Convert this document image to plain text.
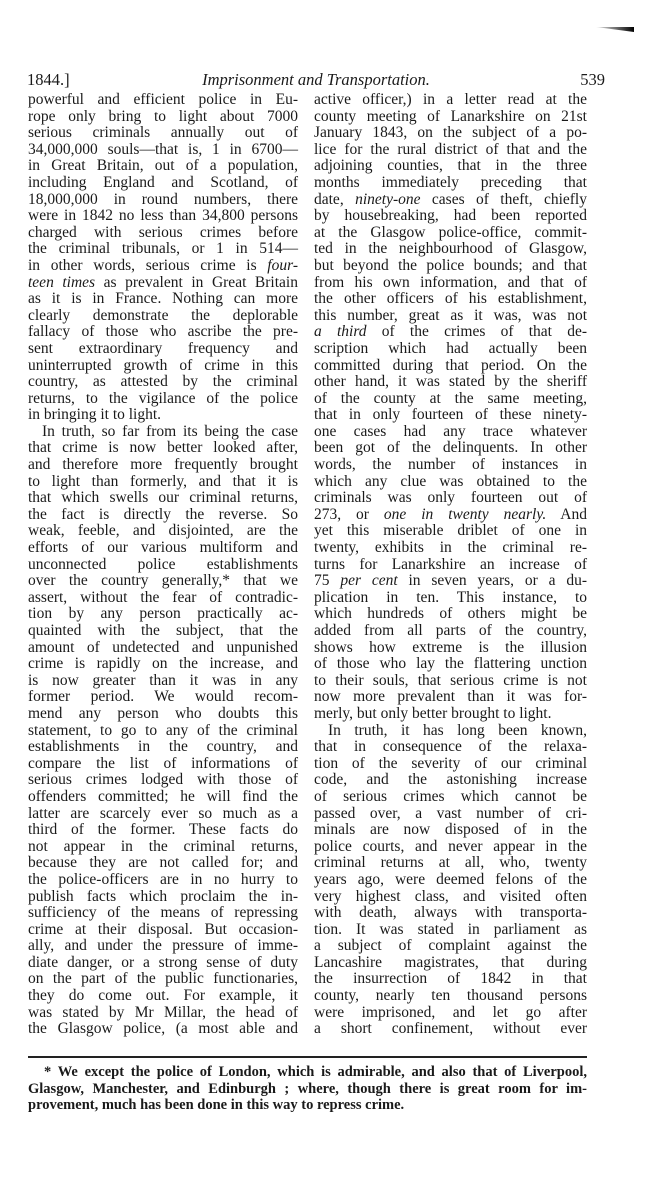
1844.]	Imprisonment and Transportation.	539
powerful and efficient police in Eu-
rope only bring to light about 7000
serious criminals annually out of
34,000,000 souls—that is, 1 in 6700—
in Great Britain, out of a population,
including England and Scotland, of
18,000,000 in round numbers, there
were in 1842 no less than 34,800 persons
charged with serious crimes before
the criminal tribunals, or 1 in 514—
in other words, serious crime is four-
teen times as prevalent in Great Britain
as it is in France. Nothing can more
clearly demonstrate the deplorable
fallacy of those who ascribe the pre-
sent extraordinary frequency and
uninterrupted growth of crime in this
country, as attested by the criminal
returns, to the vigilance of the police
in bringing it to light.
In truth, so far from its being the case
that crime is now better looked after,
and therefore more frequently brought
to light than formerly, and that it is
that which swells our criminal returns,
the fact is directly the reverse. So
weak, feeble, and disjointed, are the
efforts of our various multiform and
unconnected police establishments
over the country generally,* that we
assert, without the fear of contradic-
tion by any person practically ac-
quainted with the subject, that the
amount of undetected and unpunished
crime is rapidly on the increase, and
is now greater than it was in any
former period. We would recom-
mend any person who doubts this
statement, to go to any of the criminal
establishments in the country, and
compare the list of informations of
serious crimes lodged with those of
offenders committed; he will find the
latter are scarcely ever so much as a
third of the former. These facts do
not appear in the criminal returns,
because they are not called for; and
the police-officers are in no hurry to
publish facts which proclaim the in-
sufficiency of the means of repressing
crime at their disposal. But occasion-
ally, and under the pressure of imme-
diate danger, or a strong sense of duty
on the part of the public functionaries,
they do come out. For example, it
was stated by Mr Millar, the head of
the Glasgow police, (a most able and
active officer,) in a letter read at the
county meeting of Lanarkshire on 21st
January 1843, on the subject of a po-
lice for the rural district of that and the
adjoining counties, that in the three
months immediately preceding that
date, ninety-one cases of theft, chiefly
by housebreaking, had been reported
at the Glasgow police-office, commit-
ted in the neighbourhood of Glasgow,
but beyond the police bounds; and that
from his own information, and that of
the other officers of his establishment,
this number, great as it was, was not
a third of the crimes of that de-
scription which had actually been
committed during that period. On the
other hand, it was stated by the sheriff
of the county at the same meeting,
that in only fourteen of these ninety-
one cases had any trace whatever
been got of the delinquents. In other
words, the number of instances in
which any clue was obtained to the
criminals was only fourteen out of
273, or one in twenty nearly. And
yet this miserable driblet of one in
twenty, exhibits in the criminal re-
turns for Lanarkshire an increase of
75 per cent in seven years, or a du-
plication in ten. This instance, to
which hundreds of others might be
added from all parts of the country,
shows how extreme is the illusion
of those who lay the flattering unction
to their souls, that serious crime is not
now more prevalent than it was for-
merly, but only better brought to light.
In truth, it has long been known,
that in consequence of the relaxa-
tion of the severity of our criminal
code, and the astonishing increase
of serious crimes which cannot be
passed over, a vast number of cri-
minals are now disposed of in the
police courts, and never appear in the
criminal returns at all, who, twenty
years ago, were deemed felons of the
very highest class, and visited often
with death, always with transporta-
tion. It was stated in parliament as
a subject of complaint against the
Lancashire magistrates, that during
the insurrection of 1842 in that
county, nearly ten thousand persons
were imprisoned, and let go after
a short confinement, without ever
* We except the police of London, which is admirable, and also that of Liverpool,
Glasgow, Manchester, and Edinburgh ; where, though there is great room for im-
provement, much has been done in this way to repress crime.
